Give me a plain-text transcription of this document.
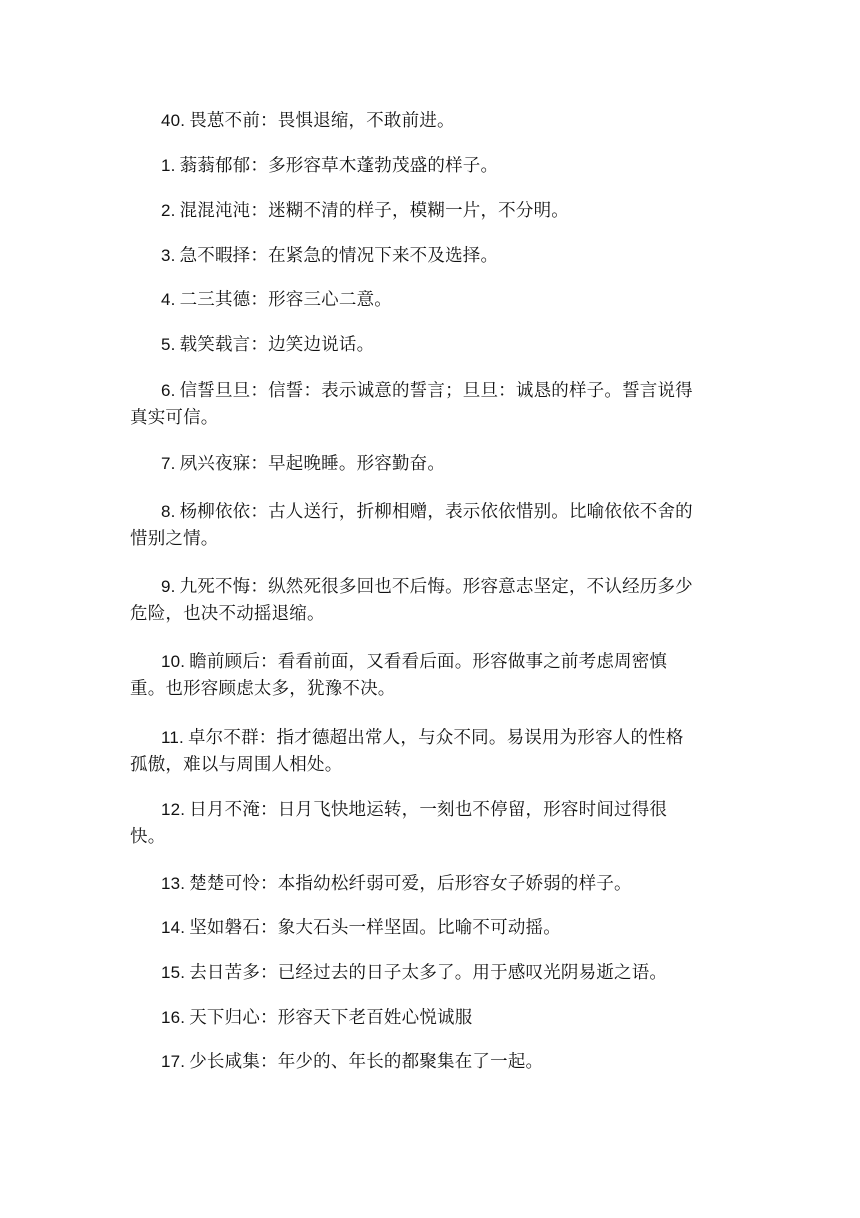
40. 畏葸不前：畏惧退缩，不敢前进。

1. 蓊蓊郁郁：多形容草木蓬勃茂盛的样子。

2. 混混沌沌：迷糊不清的样子，模糊一片，不分明。

3. 急不暇择：在紧急的情况下来不及选择。

4. 二三其德：形容三心二意。

5. 载笑载言：边笑边说话。

6. 信誓旦旦：信誓：表示诚意的誓言；旦旦：诚恳的样子。誓言说得真实可信。

7. 夙兴夜寐：早起晚睡。形容勤奋。

8. 杨柳依依：古人送行，折柳相赠，表示依依惜别。比喻依依不舍的惜别之情。

9. 九死不悔：纵然死很多回也不后悔。形容意志坚定，不认经历多少危险，也决不动摇退缩。

10. 瞻前顾后：看看前面，又看看后面。形容做事之前考虑周密慎重。也形容顾虑太多，犹豫不决。

11. 卓尔不群：指才德超出常人，与众不同。易误用为形容人的性格孤傲，难以与周围人相处。

12. 日月不淹：日月飞快地运转，一刻也不停留，形容时间过得很快。

13. 楚楚可怜：本指幼松纤弱可爱，后形容女子娇弱的样子。

14. 坚如磐石：象大石头一样坚固。比喻不可动摇。

15. 去日苦多：已经过去的日子太多了。用于感叹光阴易逝之语。

16. 天下归心：形容天下老百姓心悦诚服

17. 少长咸集：年少的、年长的都聚集在了一起。
